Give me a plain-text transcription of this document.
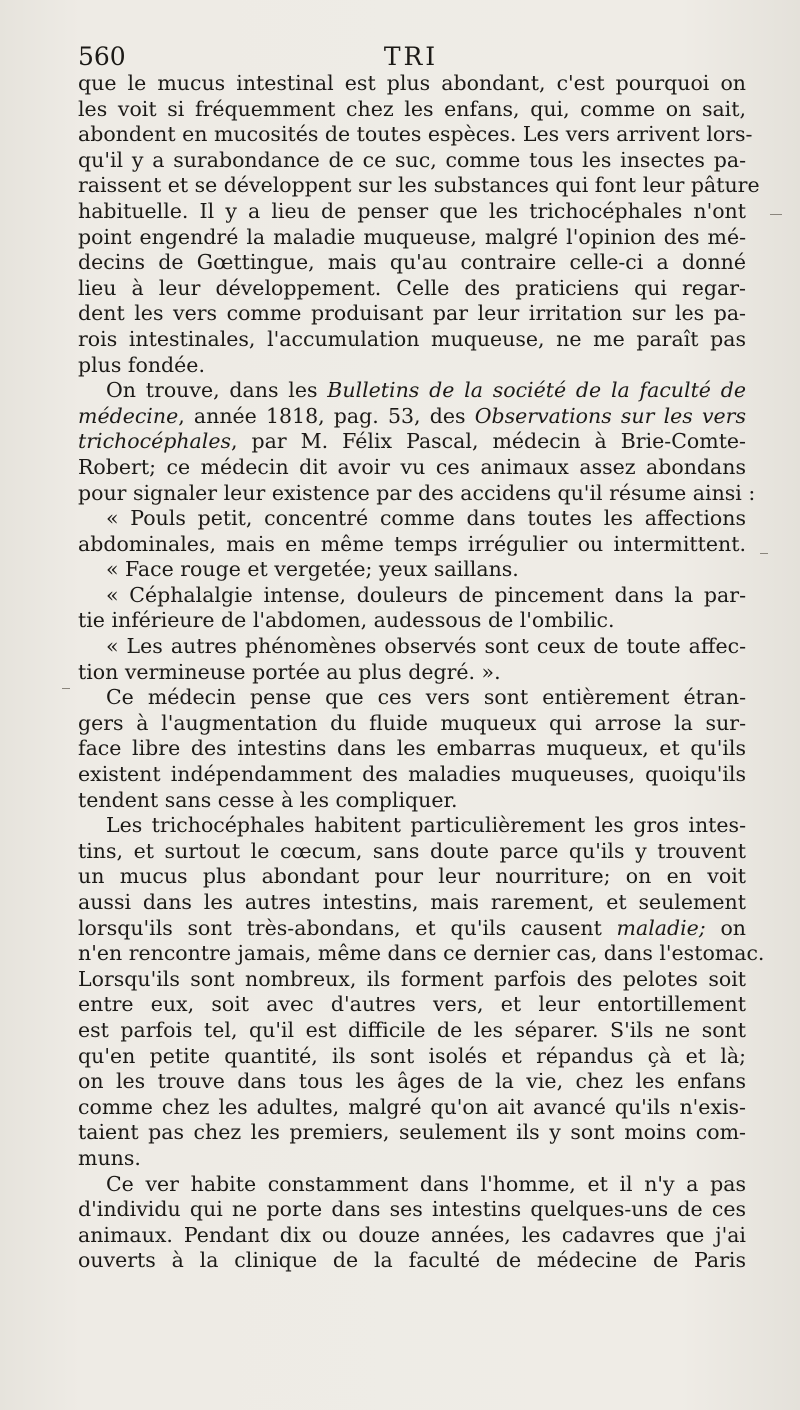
560	TRI
que le mucus intestinal est plus abondant, c'est pourquoi on
les voit si fréquemment chez les enfans, qui, comme on sait,
abondent en mucosités de toutes espèces. Les vers arrivent lors-
qu'il y a surabondance de ce suc, comme tous les insectes pa-
raissent et se développent sur les substances qui font leur pâture
habituelle. Il y a lieu de penser que les trichocéphales n'ont
point engendré la maladie muqueuse, malgré l'opinion des mé-
decins de Gœttingue, mais qu'au contraire celle-ci a donné
lieu à leur développement. Celle des praticiens qui regar-
dent les vers comme produisant par leur irritation sur les pa-
rois intestinales, l'accumulation muqueuse, ne me paraît pas
plus fondée.
On trouve, dans les Bulletins de la société de la faculté de
médecine, année 1818, pag. 53, des Observations sur les vers
trichocéphales, par M. Félix Pascal, médecin à Brie-Comte-
Robert; ce médecin dit avoir vu ces animaux assez abondans
pour signaler leur existence par des accidens qu'il résume ainsi :
« Pouls petit, concentré comme dans toutes les affections
abdominales, mais en même temps irrégulier ou intermittent.
« Face rouge et vergetée; yeux saillans.
« Céphalalgie intense, douleurs de pincement dans la par-
tie inférieure de l'abdomen, audessous de l'ombilic.
« Les autres phénomènes observés sont ceux de toute affec-
tion vermineuse portée au plus degré. ».
Ce médecin pense que ces vers sont entièrement étran-
gers à l'augmentation du fluide muqueux qui arrose la sur-
face libre des intestins dans les embarras muqueux, et qu'ils
existent indépendamment des maladies muqueuses, quoiqu'ils
tendent sans cesse à les compliquer.
Les trichocéphales habitent particulièrement les gros intes-
tins, et surtout le cœcum, sans doute parce qu'ils y trouvent
un mucus plus abondant pour leur nourriture; on en voit
aussi dans les autres intestins, mais rarement, et seulement
lorsqu'ils sont très-abondans, et qu'ils causent maladie; on
n'en rencontre jamais, même dans ce dernier cas, dans l'estomac.
Lorsqu'ils sont nombreux, ils forment parfois des pelotes soit
entre eux, soit avec d'autres vers, et leur entortillement
est parfois tel, qu'il est difficile de les séparer. S'ils ne sont
qu'en petite quantité, ils sont isolés et répandus çà et là;
on les trouve dans tous les âges de la vie, chez les enfans
comme chez les adultes, malgré qu'on ait avancé qu'ils n'exis-
taient pas chez les premiers, seulement ils y sont moins com-
muns.
Ce ver habite constamment dans l'homme, et il n'y a pas
d'individu qui ne porte dans ses intestins quelques-uns de ces
animaux. Pendant dix ou douze années, les cadavres que j'ai
ouverts à la clinique de la faculté de médecine de Paris
